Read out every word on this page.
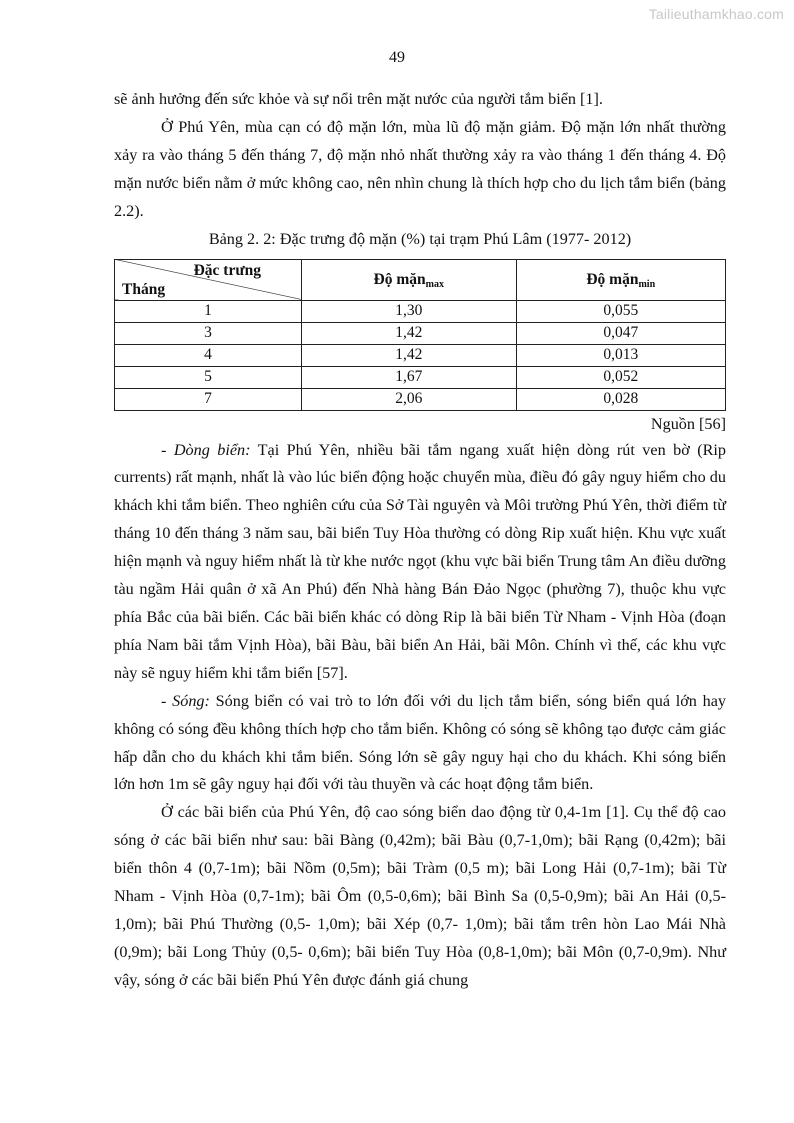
Tailieuthamkhao.com
49

sẽ ảnh hưởng đến sức khỏe và sự nổi trên mặt nước của người tắm biển [1].

Ở Phú Yên, mùa cạn có độ mặn lớn, mùa lũ độ mặn giảm. Độ mặn lớn nhất thường xảy ra vào tháng 5 đến tháng 7, độ mặn nhỏ nhất thường xảy ra vào tháng 1 đến tháng 4. Độ mặn nước biển nằm ở mức không cao, nên nhìn chung là thích hợp cho du lịch tắm biển (bảng 2.2).

Bảng 2. 2: Đặc trưng độ mặn (%) tại trạm Phú Lâm (1977- 2012)

Đặc trưng
Tháng	Độ mặn$_{max}$	Độ mặn$_{min}$
1	1,30	0,055
3	1,42	0,047
4	1,42	0,013
5	1,67	0,052
7	2,06	0,028

Nguồn [56]

- Dòng biển: Tại Phú Yên, nhiều bãi tắm ngang xuất hiện dòng rút ven bờ (Rip currents) rất mạnh, nhất là vào lúc biển động hoặc chuyển mùa, điều đó gây nguy hiểm cho du khách khi tắm biển. Theo nghiên cứu của Sở Tài nguyên và Môi trường Phú Yên, thời điểm từ tháng 10 đến tháng 3 năm sau, bãi biển Tuy Hòa thường có dòng Rip xuất hiện. Khu vực xuất hiện mạnh và nguy hiểm nhất là từ khe nước ngọt (khu vực bãi biển Trung tâm An điều dưỡng tàu ngầm Hải quân ở xã An Phú) đến Nhà hàng Bán Đảo Ngọc (phường 7), thuộc khu vực phía Bắc của bãi biển. Các bãi biển khác có dòng Rip là bãi biển Từ Nham - Vịnh Hòa (đoạn phía Nam bãi tắm Vịnh Hòa), bãi Bàu, bãi biển An Hải, bãi Môn. Chính vì thế, các khu vực này sẽ nguy hiểm khi tắm biển [57].

- Sóng: Sóng biển có vai trò to lớn đối với du lịch tắm biển, sóng biển quá lớn hay không có sóng đều không thích hợp cho tắm biển. Không có sóng sẽ không tạo được cảm giác hấp dẫn cho du khách khi tắm biển. Sóng lớn sẽ gây nguy hại cho du khách. Khi sóng biển lớn hơn 1m sẽ gây nguy hại đối với tàu thuyền và các hoạt động tắm biển.

Ở các bãi biển của Phú Yên, độ cao sóng biển dao động từ 0,4-1m [1]. Cụ thể độ cao sóng ở các bãi biển như sau: bãi Bàng (0,42m); bãi Bàu (0,7-1,0m); bãi Rạng (0,42m); bãi biển thôn 4 (0,7-1m); bãi Nồm (0,5m); bãi Tràm (0,5 m); bãi Long Hải (0,7-1m); bãi Từ Nham - Vịnh Hòa (0,7-1m); bãi Ôm (0,5-0,6m); bãi Bình Sa (0,5-0,9m); bãi An Hải (0,5- 1,0m); bãi Phú Thường (0,5- 1,0m); bãi Xép (0,7- 1,0m); bãi tắm trên hòn Lao Mái Nhà (0,9m); bãi Long Thủy (0,5- 0,6m); bãi biển Tuy Hòa (0,8-1,0m); bãi Môn (0,7-0,9m). Như vậy, sóng ở các bãi biển Phú Yên được đánh giá chung
